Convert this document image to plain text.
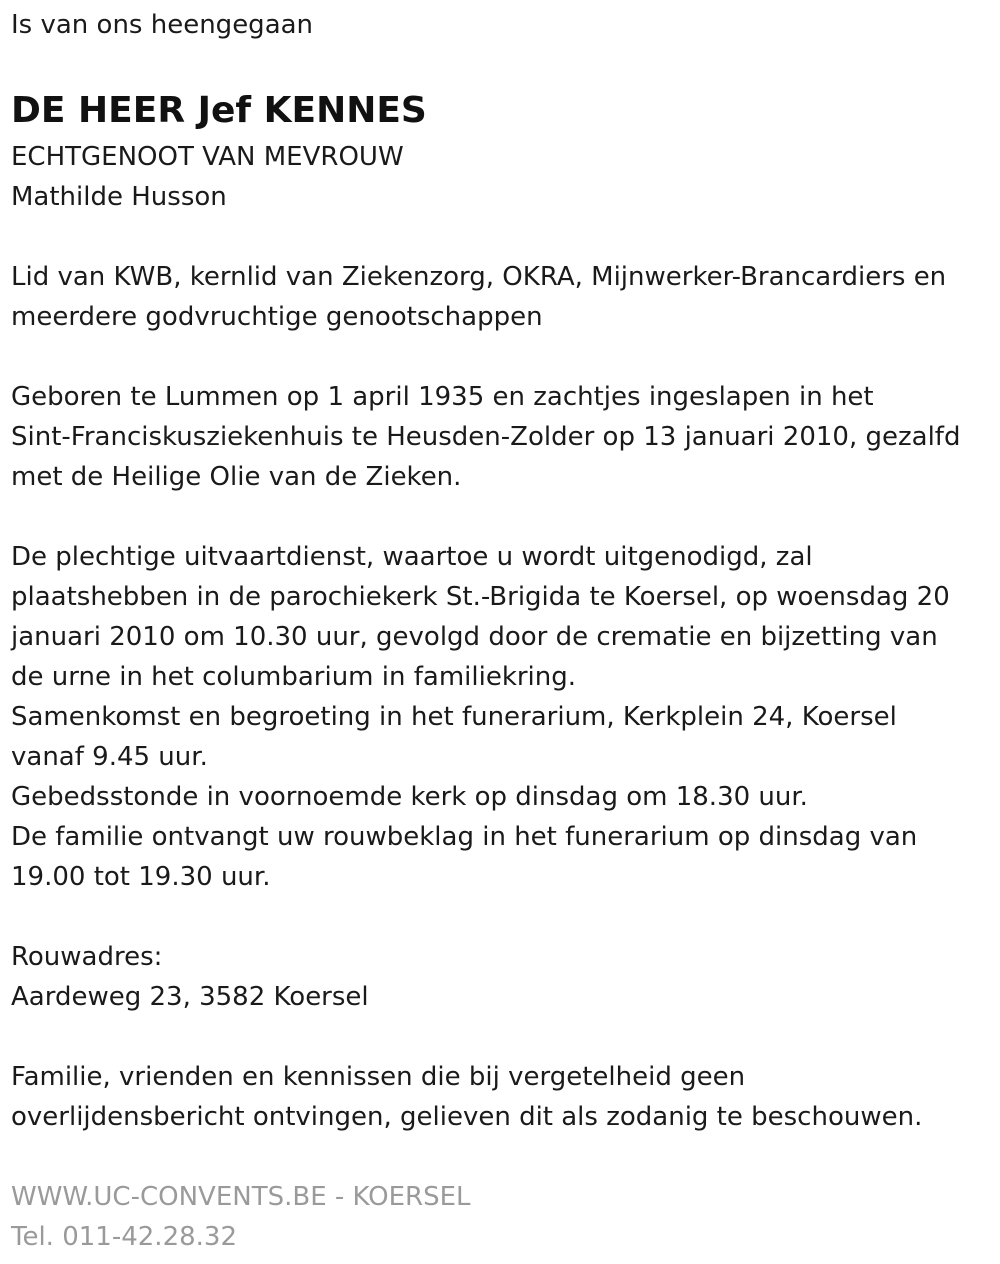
Is van ons heengegaan
DE HEER Jef KENNES
ECHTGENOOT VAN MEVROUW
Mathilde Husson
Lid van KWB, kernlid van Ziekenzorg, OKRA, Mijnwerker-Brancardiers en
meerdere godvruchtige genootschappen
Geboren te Lummen op 1 april 1935 en zachtjes ingeslapen in het
Sint-Franciskusziekenhuis te Heusden-Zolder op 13 januari 2010, gezalfd
met de Heilige Olie van de Zieken.
De plechtige uitvaartdienst, waartoe u wordt uitgenodigd, zal
plaatshebben in de parochiekerk St.-Brigida te Koersel, op woensdag 20
januari 2010 om 10.30 uur, gevolgd door de crematie en bijzetting van
de urne in het columbarium in familiekring.
Samenkomst en begroeting in het funerarium, Kerkplein 24, Koersel
vanaf 9.45 uur.
Gebedsstonde in voornoemde kerk op dinsdag om 18.30 uur.
De familie ontvangt uw rouwbeklag in het funerarium op dinsdag van
19.00 tot 19.30 uur.
Rouwadres:
Aardeweg 23, 3582 Koersel
Familie, vrienden en kennissen die bij vergetelheid geen
overlijdensbericht ontvingen, gelieven dit als zodanig te beschouwen.
WWW.UC-CONVENTS.BE - KOERSEL
Tel. 011-42.28.32
